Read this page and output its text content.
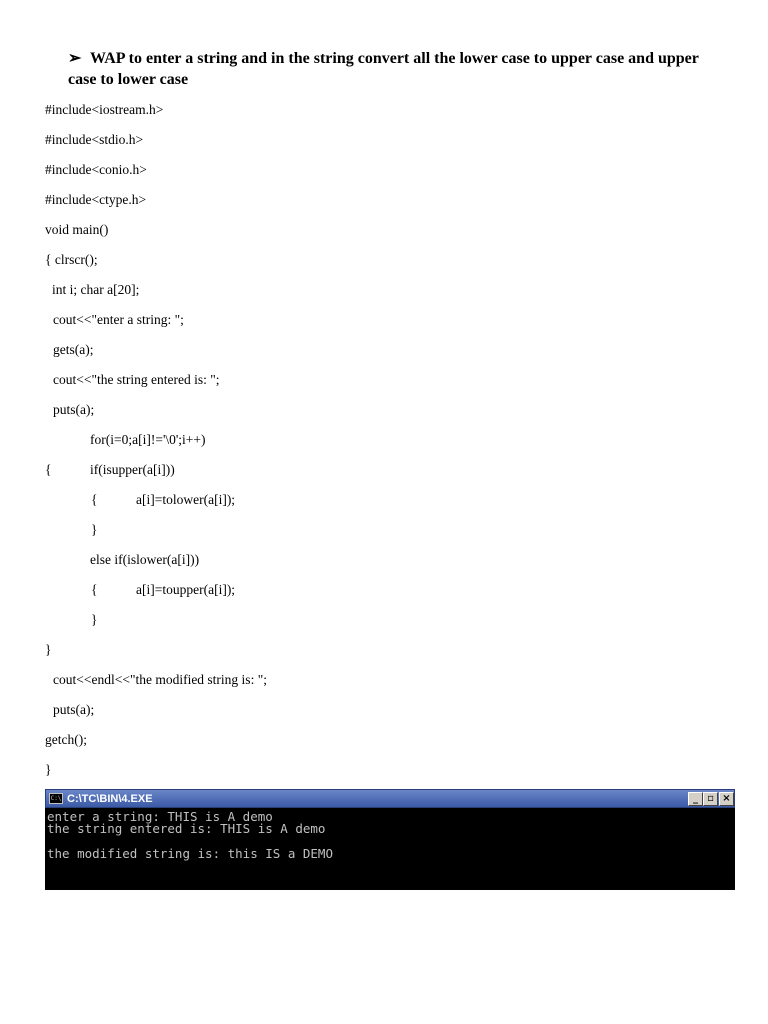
➢ WAP to enter a string and in the string convert all the lower case to upper case and upper case to lower case
#include<iostream.h>
#include<stdio.h>
#include<conio.h>
#include<ctype.h>
void main()
{ clrscr();
int i; char a[20];
cout<<"enter a string: ";
gets(a);
cout<<"the string entered is: ";
puts(a);
for(i=0;a[i]!='\0';i++)

{

	if(isupper(a[i]))

{

	a[i]=tolower(a[i]);

}
else if(islower(a[i]))

{

	a[i]=toupper(a[i]);

}
}
cout<<endl<<"the modified string is: ";
puts(a);
getch();
}
C:\ C:\TC\BIN\4.EXE	_ ▫ ×
enter a string: THIS is A demo
the string entered is: THIS is A demo
the modified string is: this IS a DEMO
